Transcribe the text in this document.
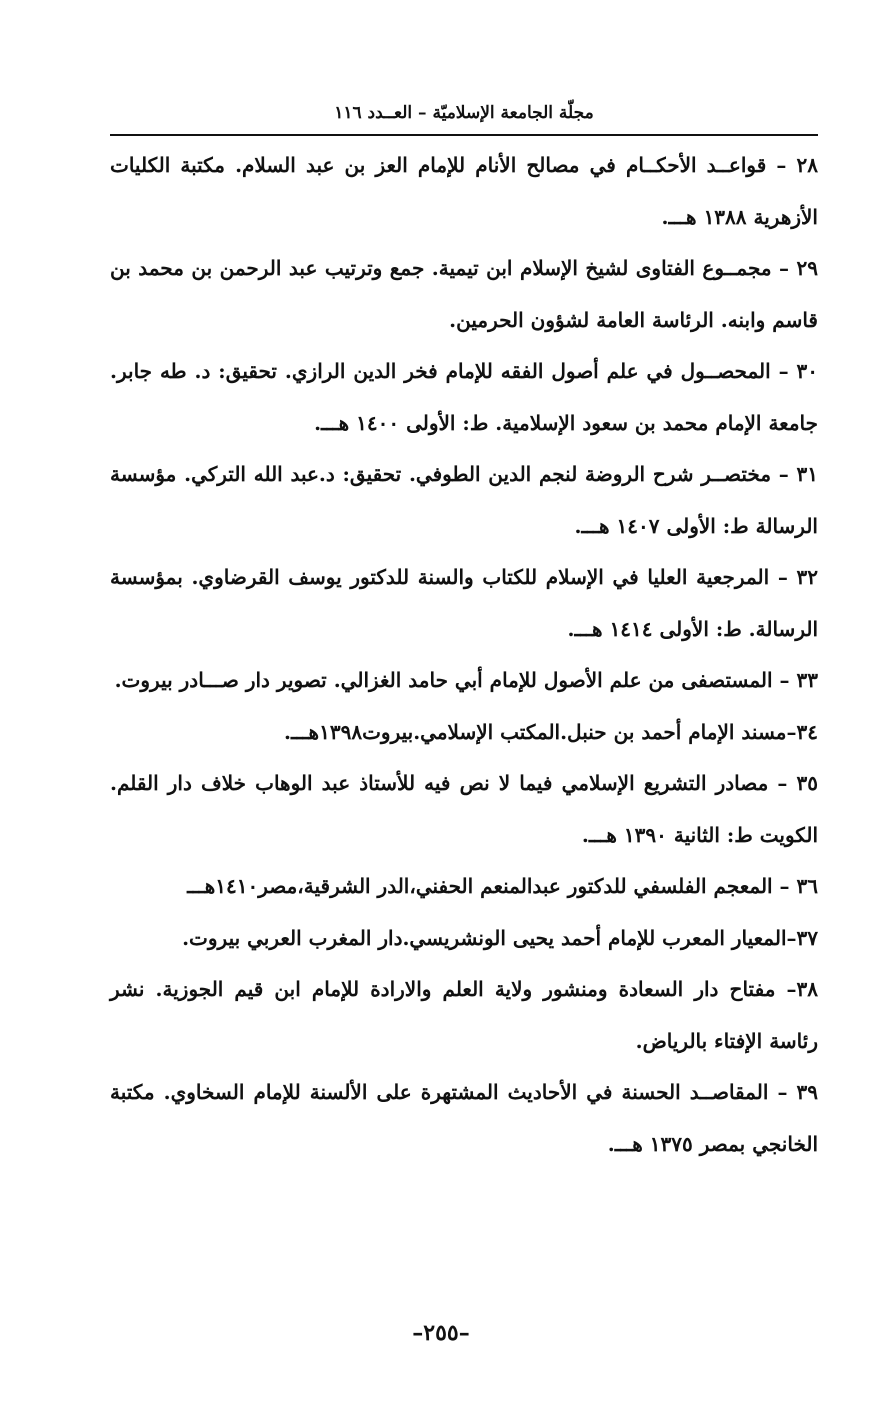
مجلّة الجامعة الإسلاميّة – العــدد ١١٦

٢٨ – قواعــد الأحكــام في مصالح الأنام للإمام العز بن عبد السلام. مكتبة الكليات الأزهرية ١٣٨٨ هـــ.

٢٩ – مجمــوع الفتاوى لشيخ الإسلام ابن تيمية. جمع وترتيب عبد الرحمن بن محمد بن قاسم وابنه. الرئاسة العامة لشؤون الحرمين.

٣٠ – المحصــول في علم أصول الفقه للإمام فخر الدين الرازي. تحقيق: د. طه جابر. جامعة الإمام محمد بن سعود الإسلامية. ط: الأولى ١٤٠٠ هـــ.

٣١ – مختصــر شرح الروضة لنجم الدين الطوفي. تحقيق: د.عبد الله التركي. مؤسسة الرسالة ط: الأولى ١٤٠٧ هـــ.

٣٢ – المرجعية العليا في الإسلام للكتاب والسنة للدكتور يوسف القرضاوي. بمؤسسة الرسالة. ط: الأولى ١٤١٤ هـــ.

٣٣ – المستصفى من علم الأصول للإمام أبي حامد الغزالي. تصوير دار صـــادر بيروت.

٣٤–مسند الإمام أحمد بن حنبل.المكتب الإسلامي.بيروت١٣٩٨هـــ.

٣٥ – مصادر التشريع الإسلامي فيما لا نص فيه للأستاذ عبد الوهاب خلاف دار القلم. الكويت ط: الثانية ١٣٩٠ هـــ.

٣٦ – المعجم الفلسفي للدكتور عبدالمنعم الحفني،الدر الشرقية،مصر١٤١٠هـــ

٣٧–المعيار المعرب للإمام أحمد يحيى الونشريسي.دار المغرب العربي بيروت.

٣٨– مفتاح دار السعادة ومنشور ولاية العلم والارادة للإمام ابن قيم الجوزية. نشر رئاسة الإفتاء بالرياض.

٣٩ – المقاصــد الحسنة في الأحاديث المشتهرة على الألسنة للإمام السخاوي. مكتبة الخانجي بمصر ١٣٧٥ هـــ.

–٢٥٥–
